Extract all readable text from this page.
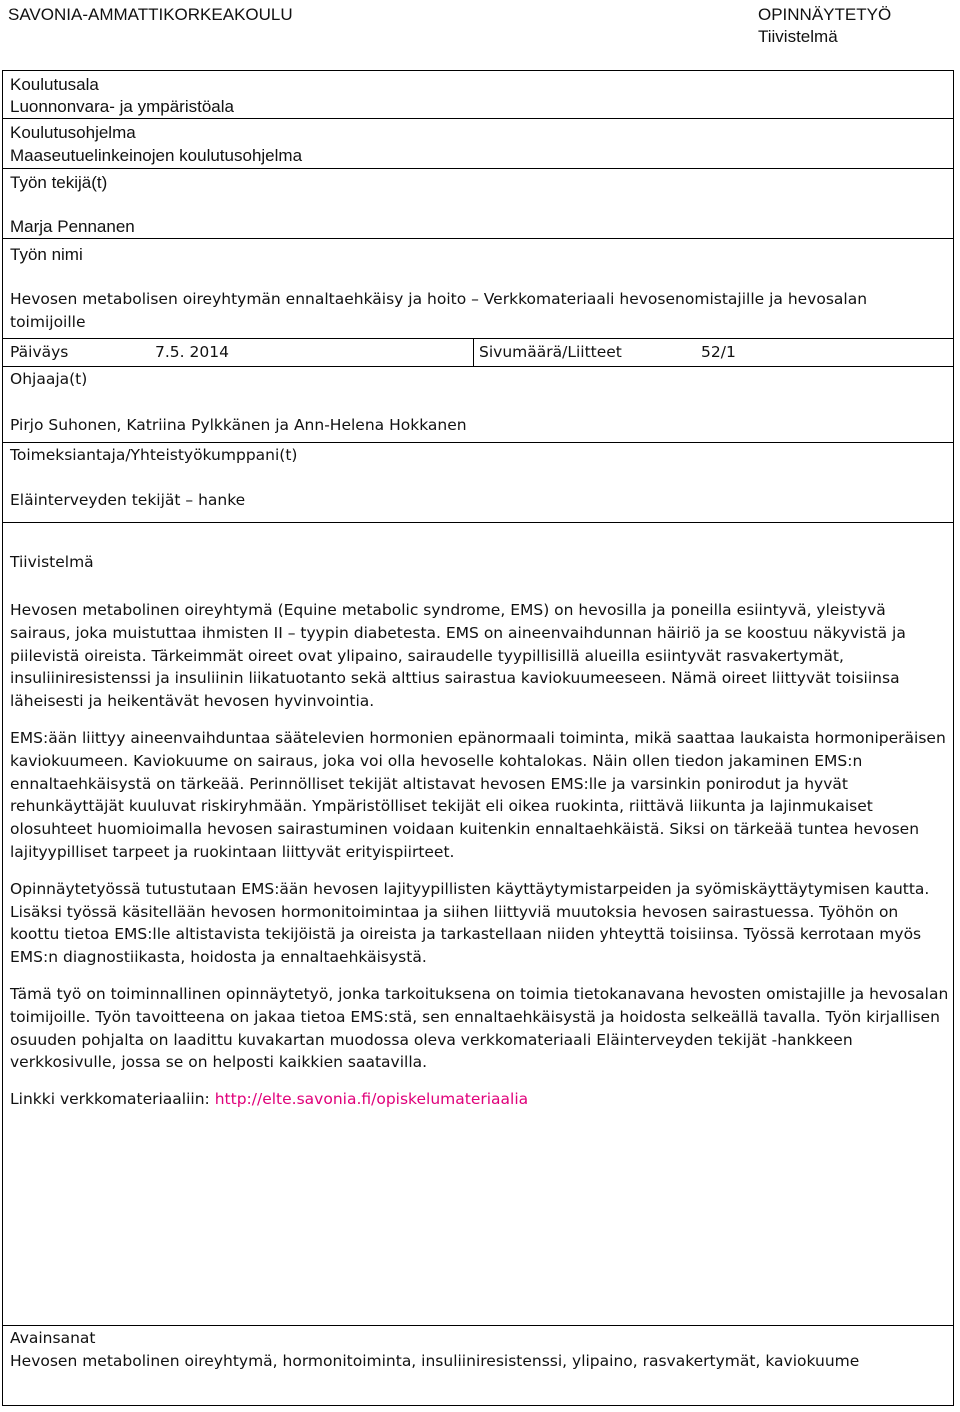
SAVONIA-AMMATTIKORKEAKOULU	OPINNÄYTETYÖ
Tiivistelmä
Koulutusala
Luonnonvara- ja ympäristöala
Koulutusohjelma
Maaseutuelinkeinojen koulutusohjelma
Työn tekijä(t)
Marja Pennanen
Työn nimi
Hevosen metabolisen oireyhtymän ennaltaehkäisy ja hoito – Verkkomateriaali hevosenomistajille ja hevosalan
toimijoille
Päiväys	7.5. 2014	Sivumäärä/Liitteet	52/1
Ohjaaja(t)
Pirjo Suhonen, Katriina Pylkkänen ja Ann-Helena Hokkanen
Toimeksiantaja/Yhteistyökumppani(t)
Eläinterveyden tekijät – hanke
Tiivistelmä

Hevosen metabolinen oireyhtymä (Equine metabolic syndrome, EMS) on hevosilla ja poneilla esiintyvä, yleistyvä sairaus, joka muistuttaa ihmisten II – tyypin diabetesta. EMS on aineenvaihdunnan häiriö ja se koostuu näkyvistä ja piilevistä oireista. Tärkeimmät oireet ovat ylipaino, sairaudelle tyypillisillä alueilla esiintyvät rasvakertymät, insuliiniresistenssi ja insuliinin liikatuotanto sekä alttius sairastua kaviokuumeeseen. Nämä oireet liittyvät toisiinsa läheisesti ja heikentävät hevosen hyvinvointia.

EMS:ään liittyy aineenvaihduntaa säätelevien hormonien epänormaali toiminta, mikä saattaa laukaista hormoniperäisen kaviokuumeen. Kaviokuume on sairaus, joka voi olla hevoselle kohtalokas. Näin ollen tiedon jakaminen EMS:n ennaltaehkäisystä on tärkeää. Perinnölliset tekijät altistavat hevosen EMS:lle ja varsinkin ponirodut ja hyvät rehunkäyttäjät kuuluvat riskiryhmään. Ympäristölliset tekijät eli oikea ruokinta, riittävä liikunta ja lajinmukaiset olosuhteet huomioimalla hevosen sairastuminen voidaan kuitenkin ennaltaehkäistä. Siksi on tärkeää tuntea hevosen lajityypilliset tarpeet ja ruokintaan liittyvät erityispiirteet.

Opinnäytetyössä tutustutaan EMS:ään hevosen lajityypillisten käyttäytymistarpeiden ja syömiskäyttäytymisen kautta. Lisäksi työssä käsitellään hevosen hormonitoimintaa ja siihen liittyviä muutoksia hevosen sairastuessa. Työhön on koottu tietoa EMS:lle altistavista tekijöistä ja oireista ja tarkastellaan niiden yhteyttä toisiinsa. Työssä kerrotaan myös EMS:n diagnostiikasta, hoidosta ja ennaltaehkäisystä.

Tämä työ on toiminnallinen opinnäytetyö, jonka tarkoituksena on toimia tietokanavana hevosten omistajille ja hevosalan toimijoille. Työn tavoitteena on jakaa tietoa EMS:stä, sen ennaltaehkäisystä ja hoidosta selkeällä tavalla. Työn kirjallisen osuuden pohjalta on laadittu kuvakartan muodossa oleva verkkomateriaali Eläinterveyden tekijät -hankkeen verkkosivulle, jossa se on helposti kaikkien saatavilla.

Linkki verkkomateriaaliin: http://elte.savonia.fi/opiskelumateriaalia

Avainsanat
Hevosen metabolinen oireyhtymä, hormonitoiminta, insuliiniresistenssi, ylipaino, rasvakertymät, kaviokuume
